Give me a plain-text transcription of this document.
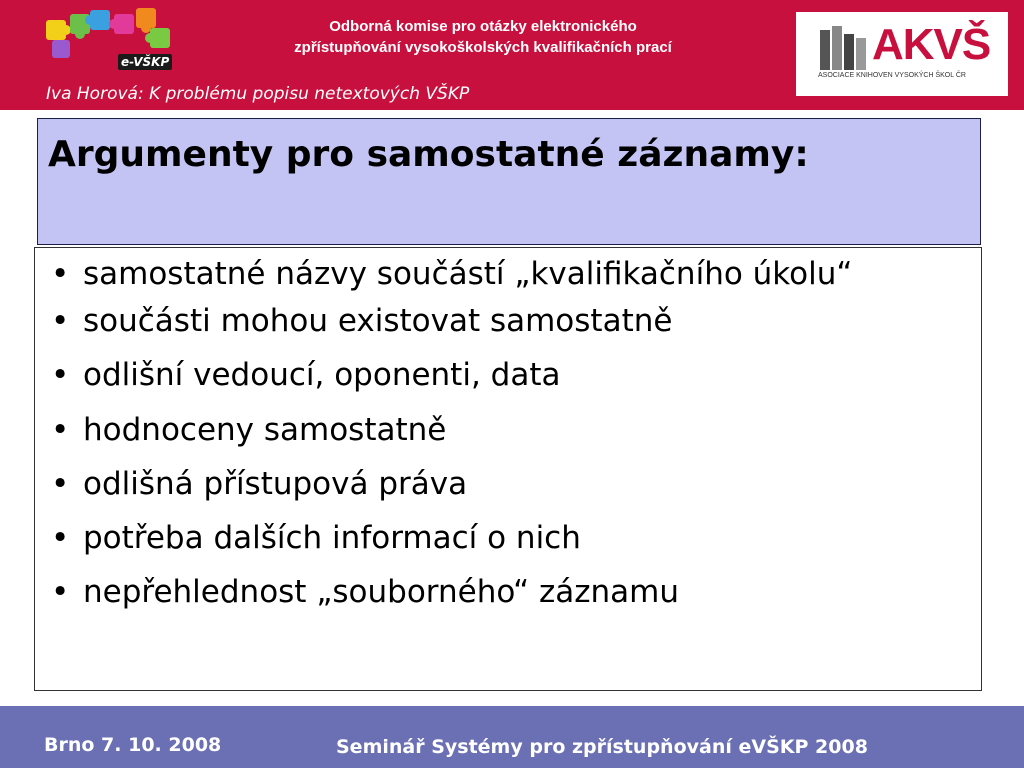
e-VŠKP
Odborná komise pro otázky elektronického
zpřístupňování vysokoškolských kvalifikačních prací	AKVŠ
ASOCIACE KNIHOVEN VYSOKÝCH ŠKOL ČR
Iva Horová: K problému popisu netextových VŠKP
Argumenty pro samostatné záznamy:
• samostatné názvy součástí „kvalifikačního úkolu“
• součásti mohou existovat samostatně
• odlišní vedoucí, oponenti, data
• hodnoceny samostatně
• odlišná přístupová práva
• potřeba dalších informací o nich
• nepřehlednost „souborného“ záznamu
Brno 7. 10. 2008	Seminář Systémy pro zpřístupňování eVŠKP 2008
